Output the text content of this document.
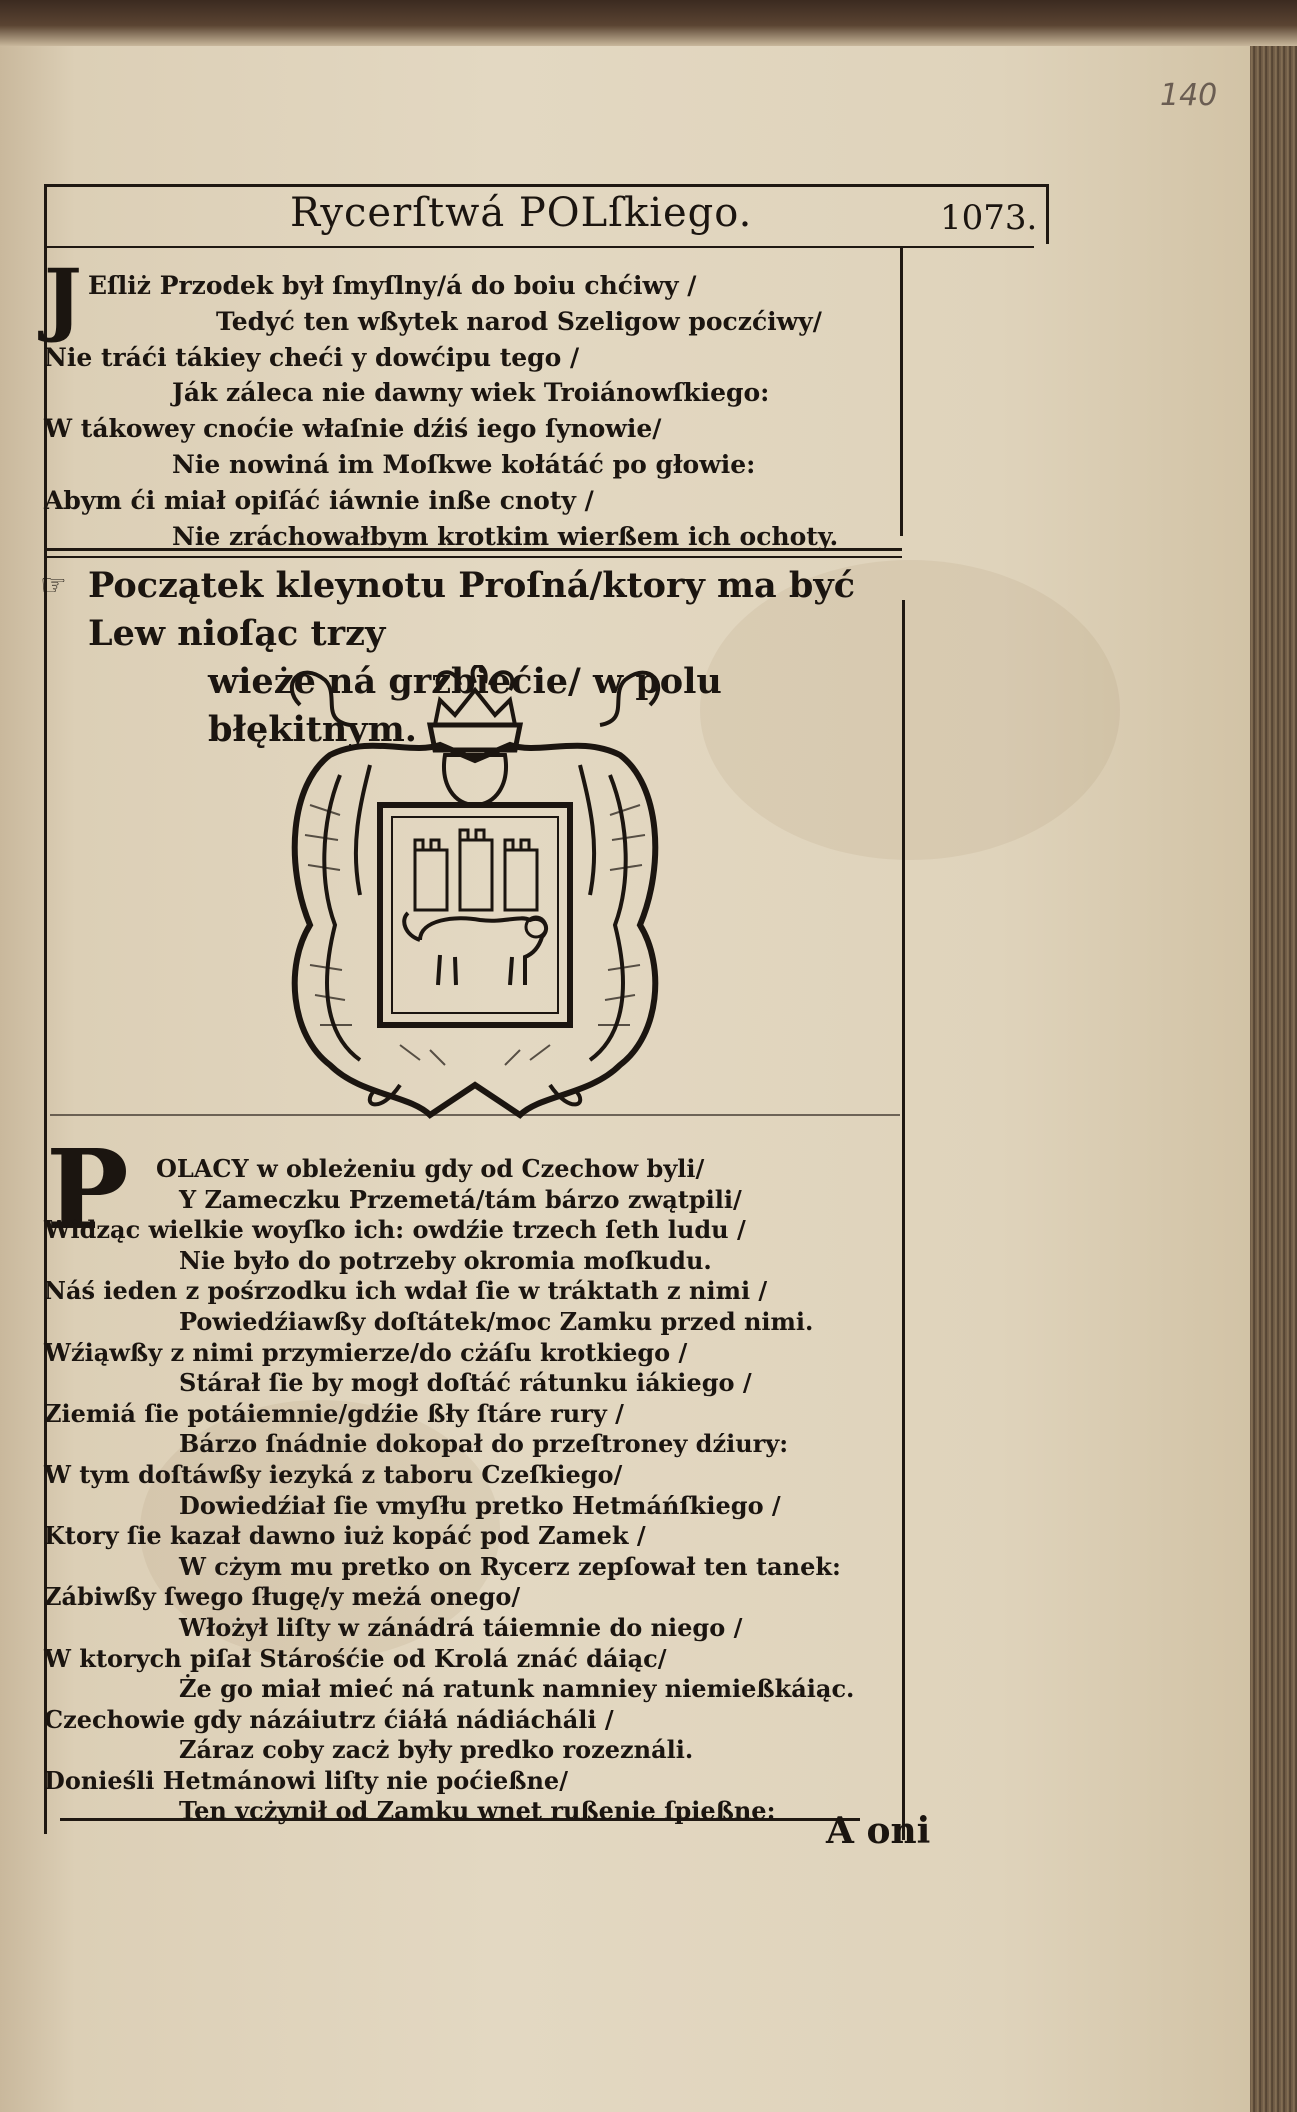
140
Rycerſtwá POLſkiego.	1073.
J Eſliż Przodek był ſmyſlny/á do boiu chćiwy /
Tedyć ten wßytek narod Szeligow poczćiwy/
Nie tráći tákiey cheći y dowćipu tego /
Ják záleca nie dawny wiek Troiánowſkiego:
W tákowey cnoćie właſnie dźiś iego ſynowie/
Nie nowiná im Moſkwe kołátáć po głowie:
Abym ći miał opiſáć iáwnie inße cnoty /
Nie zráchowałbym krotkim wierßem ich ochoty.
☞ Początek kleynotu Proſná/ktory ma być Lew nioſąc trzy
wieże ná grzbiećie/ w polu błękitnym.
P	OLACY w obleżeniu gdy od Czechow byli/
Y Zameczku Przemetá/tám bárzo zwątpili/
Widząc wielkie woyſko ich: owdźie trzech ſeth ludu /
Nie było do potrzeby okromia moſkudu.
Náś ieden z pośrzodku ich wdał ſie w tráktath z nimi /
Powiedźiawßy doſtátek/moc Zamku przed nimi.
Wźiąwßy z nimi przymierze/do cżáſu krotkiego /
Stárał ſie by mogł doſtáć rátunku iákiego /
Ziemiá ſie potáiemnie/gdźie ßły ſtáre rury /
Bárzo ſnádnie dokopał do przeſtroney dźiury:
W tym doſtáwßy iezyká z taboru Czeſkiego/
Dowiedźiał ſie vmyſłu pretko Hetmáńſkiego /
Ktory ſie kazał dawno iuż kopáć pod Zamek /
W cżym mu pretko on Rycerz zepſował ten tanek:
Zábiwßy ſwego ſługę/y meżá onego/
Włożył liſty w zánádrá táiemnie do niego /
W ktorych piſał Stárośćie od Krolá znáć dáiąc/
Że go miał mieć ná ratunk namniey niemießkáiąc.
Czechowie gdy názáiutrz ćiáłá nádiácháli /
Záraz coby zacż były predko rozeználi.
Donieśli Hetmánowi liſty nie poćießne/
Ten vcżynił od Zamku wnet rußenie ſpießne:	A oni
